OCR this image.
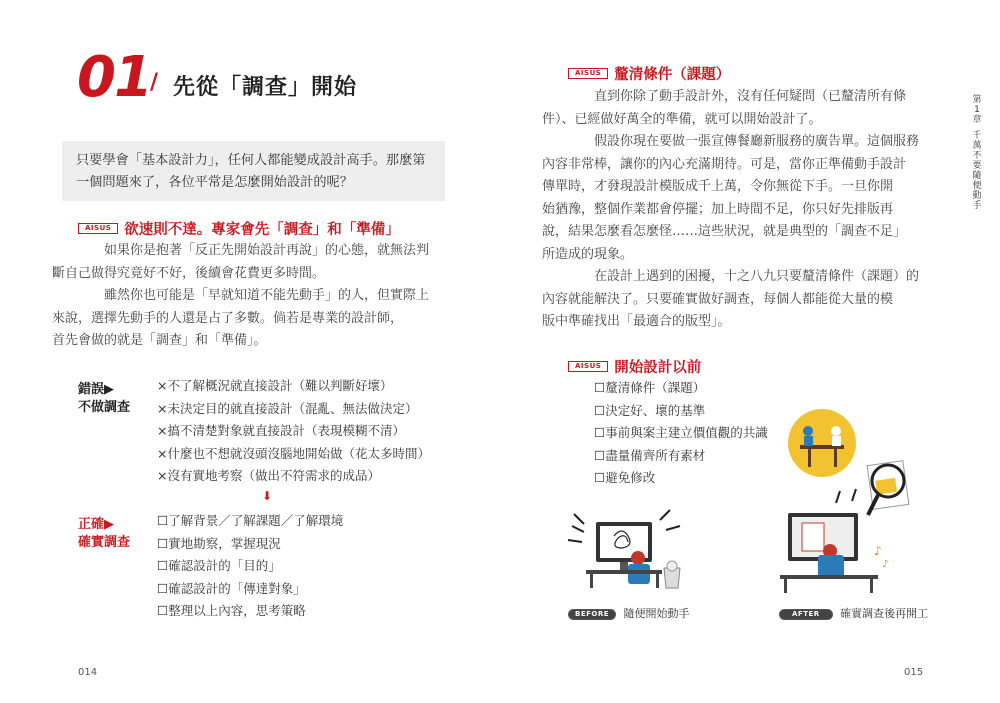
01 / 先從「調查」開始
只要學會「基本設計力」，任何人都能變成設計高手。那麼第
一個問題來了，各位平常是怎麼開始設計的呢？
AISUS 欲速則不達。專家會先「調查」和「準備」

如果你是抱著「反正先開始設計再說」的心態，就無法判
斷自己做得究竟好不好，後續會花費更多時間。

雖然你也可能是「早就知道不能先動手」的人，但實際上
來說，選擇先動手的人還是占了多數。倘若是專業的設計師，
首先會做的就是「調查」和「準備」。

錯誤▶
不做調查
×不了解概況就直接設計（難以判斷好壞）
×未決定目的就直接設計（混亂、無法做決定）
×搞不清楚對象就直接設計（表現模糊不清）
×什麼也不想就沒頭沒腦地開始做（花太多時間）
×沒有實地考察（做出不符需求的成品）
⬇
正確▶
確實調查
☐了解背景／了解課題／了解環境
☐實地勘察，掌握現況
☐確認設計的「目的」
☐確認設計的「傳達對象」
☐整理以上內容，思考策略
014
AISUS 釐清條件（課題）

直到你除了動手設計外，沒有任何疑問（已釐清所有條
件）、已經做好萬全的準備，就可以開始設計了。

假設你現在要做一張宣傳餐廳新服務的廣告單。這個服務
內容非常棒，讓你的內心充滿期待。可是，當你正準備動手設計
傳單時，才發現設計模版成千上萬，令你無從下手。一旦你開
始猶豫，整個作業都會停擺；加上時間不足，你只好先排版再
說，結果怎麼看怎麼怪……這些狀況，就是典型的「調查不足」
所造成的現象。

在設計上遇到的困擾，十之八九只要釐清條件（課題）的
內容就能解決了。只要確實做好調查，每個人都能從大量的模
版中準確找出「最適合的版型」。

AISUS 開始設計以前
☐釐清條件（課題）
☐決定好、壞的基準
☐事前與案主建立價值觀的共識
☐盡量備齊所有素材
☐避免修改
♪
♪
BEFORE 隨便開始動手	AFTER 確實調查後再開工
第1章
千萬不要隨便動手
015
